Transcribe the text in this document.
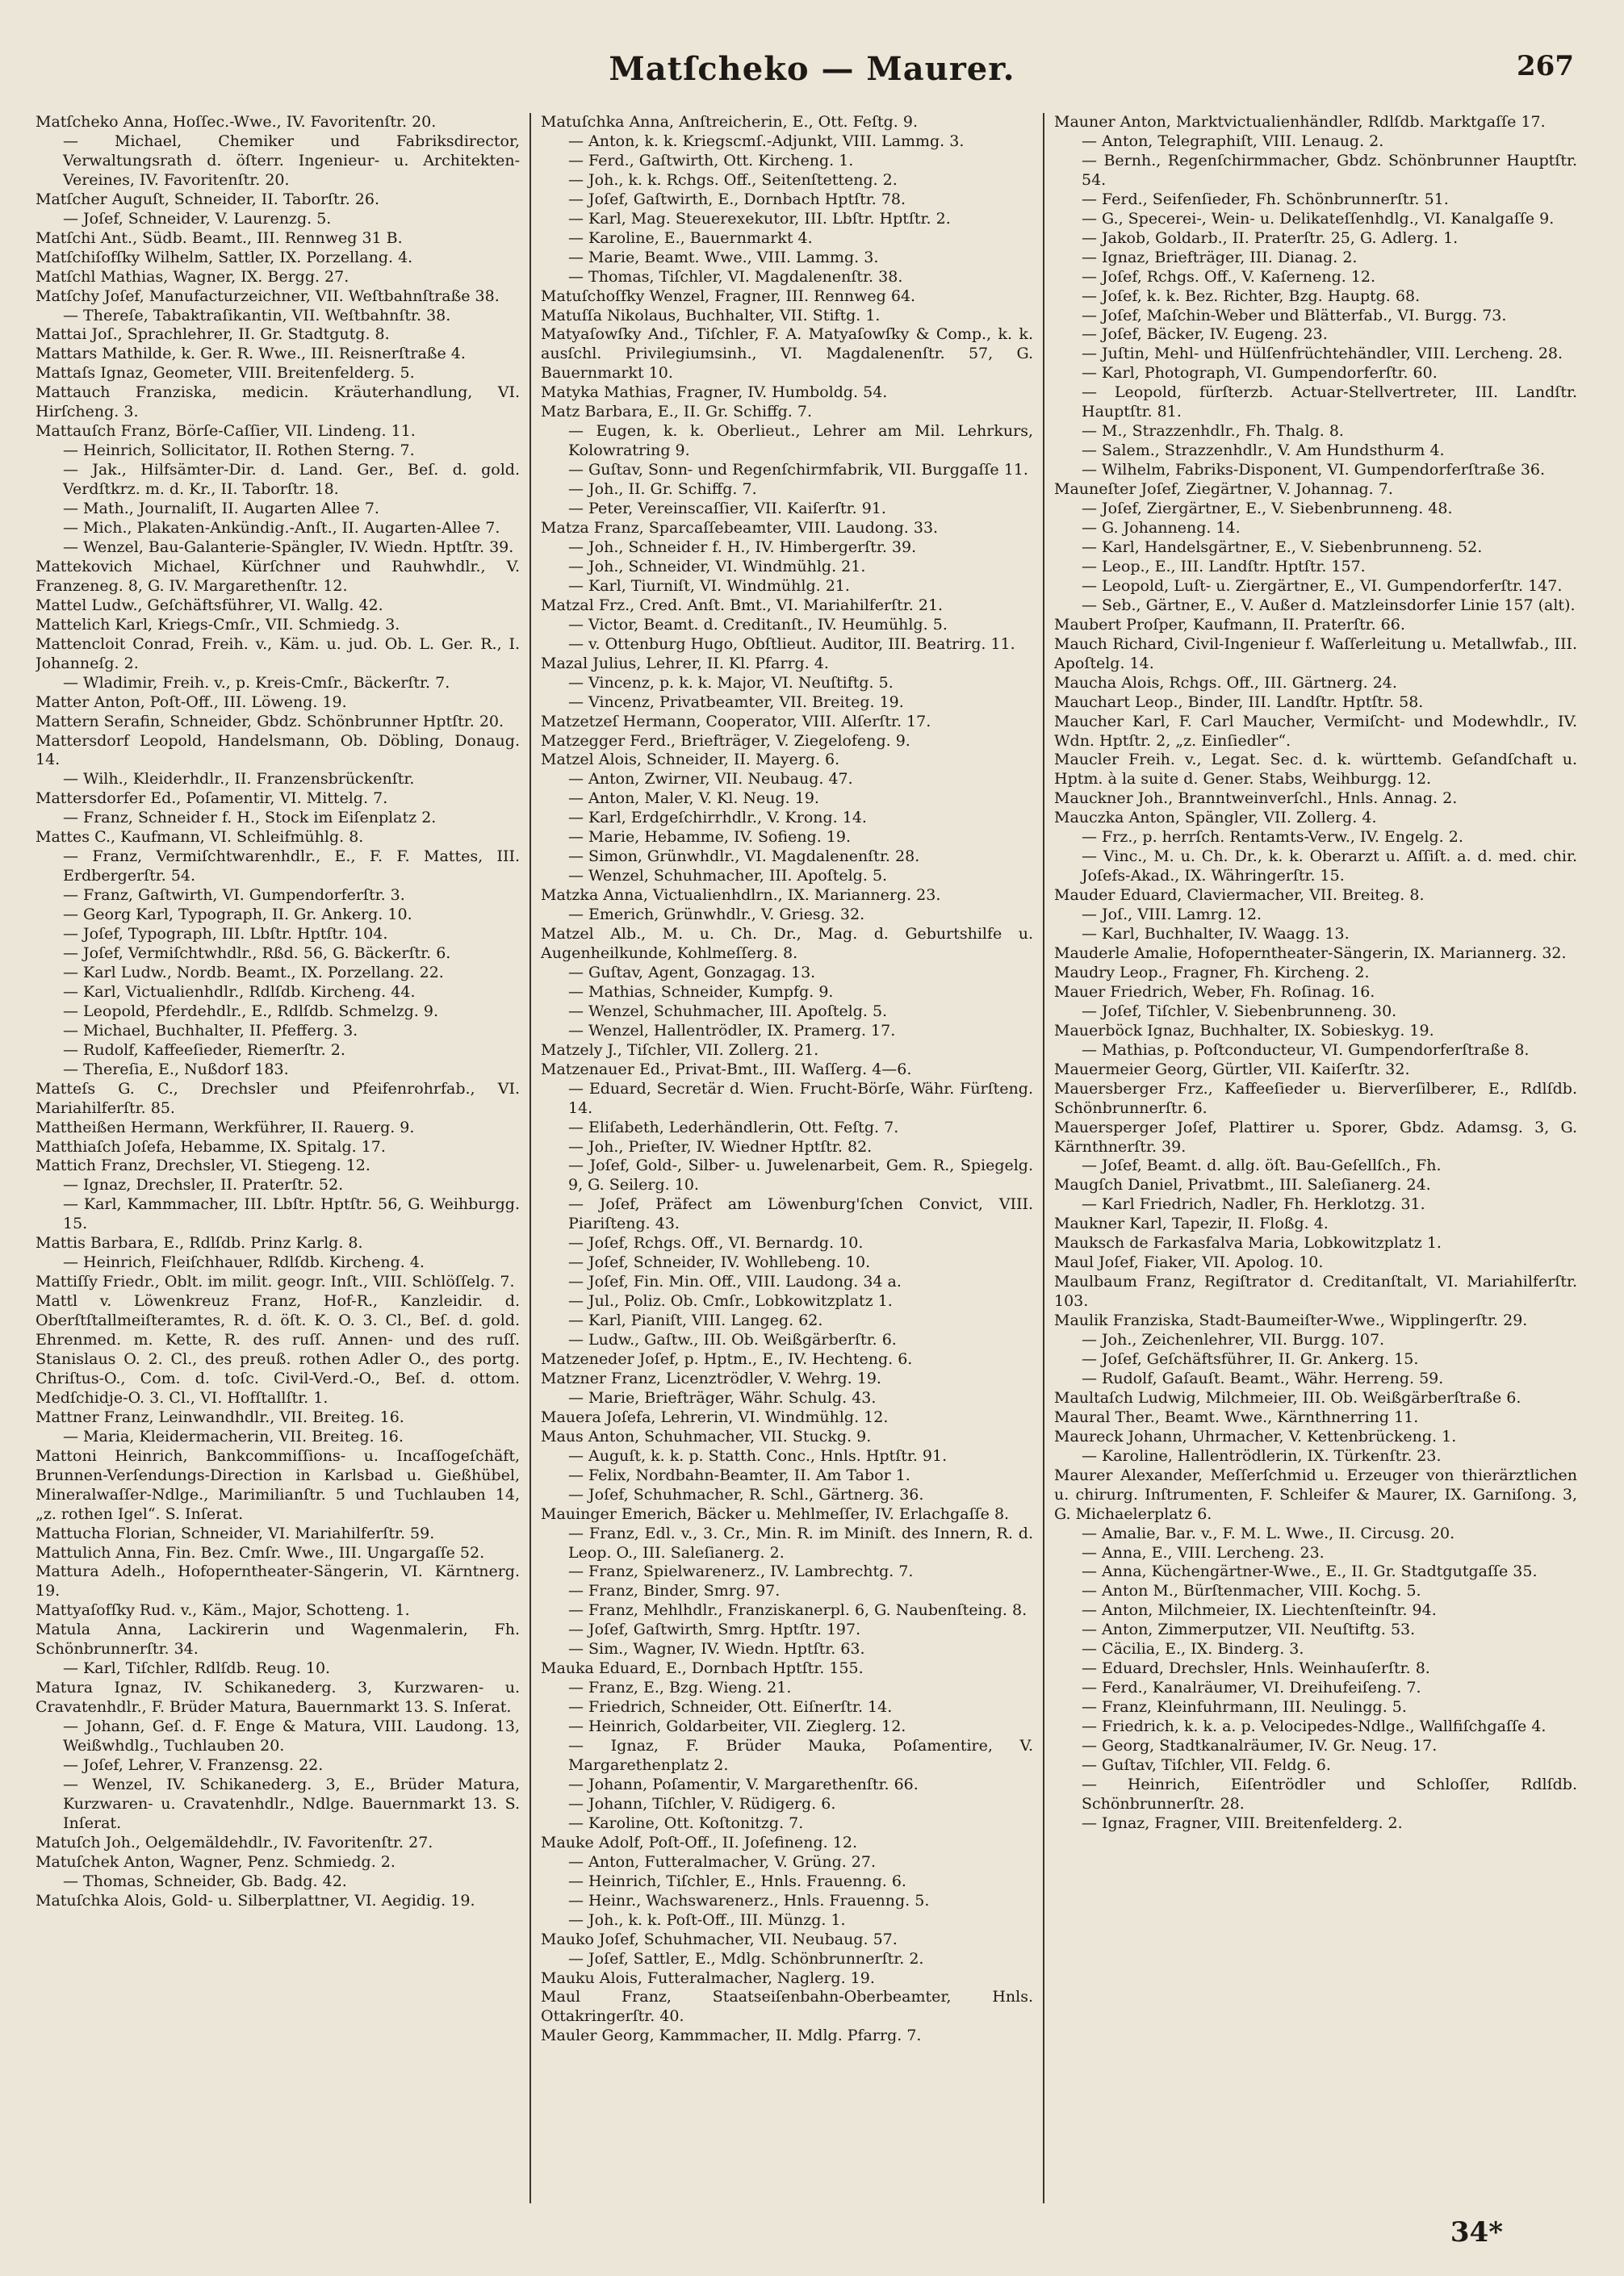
Matſcheko — Maurer.	267

Matſcheko Anna, Hoſſec.-Wwe., IV. Favoritenſtr. 20.

— Michael, Chemiker und Fabriksdirector, Verwaltungsrath d. öſterr. Ingenieur- u. Architekten-Vereines, IV. Favoritenſtr. 20.

Matſcher Auguſt, Schneider, II. Taborſtr. 26.

— Joſef, Schneider, V. Laurenzg. 5.

Matſchi Ant., Südb. Beamt., III. Rennweg 31 B.

Matſchiſofſky Wilhelm, Sattler, IX. Porzellang. 4.

Matſchl Mathias, Wagner, IX. Bergg. 27.

Matſchy Joſef, Manufacturzeichner, VII. Weſtbahnſtraße 38.

— Thereſe, Tabaktraſikantin, VII. Weſtbahnſtr. 38.

Mattai Joſ., Sprachlehrer, II. Gr. Stadtgutg. 8.

Mattars Mathilde, k. Ger. R. Wwe., III. Reisnerſtraße 4.

Mattaſs Ignaz, Geometer, VIII. Breitenfelderg. 5.

Mattauch Franziska, medicin. Kräuterhandlung, VI. Hirſcheng. 3.

Mattauſch Franz, Börſe-Caſſier, VII. Lindeng. 11.

— Heinrich, Sollicitator, II. Rothen Sterng. 7.

— Jak., Hilfsämter-Dir. d. Land. Ger., Beſ. d. gold. Verdſtkrz. m. d. Kr., II. Taborſtr. 18.

— Math., Journaliſt, II. Augarten Allee 7.

— Mich., Plakaten-Ankündig.-Anſt., II. Augarten-Allee 7.

— Wenzel, Bau-Galanterie-Spängler, IV. Wiedn. Hptſtr. 39.

Mattekovich Michael, Kürſchner und Rauhwhdlr., V. Franzeneg. 8, G. IV. Margarethenſtr. 12.

Mattel Ludw., Geſchäftsführer, VI. Wallg. 42.

Mattelich Karl, Kriegs-Cmſr., VII. Schmiedg. 3.

Mattencloit Conrad, Freih. v., Käm. u. jud. Ob. L. Ger. R., I. Johanneſg. 2.

— Wladimir, Freih. v., p. Kreis-Cmſr., Bäckerſtr. 7.

Matter Anton, Poſt-Off., III. Löweng. 19.

Mattern Serafin, Schneider, Gbdz. Schönbrunner Hptſtr. 20.

Mattersdorf Leopold, Handelsmann, Ob. Döbling, Donaug. 14.

— Wilh., Kleiderhdlr., II. Franzensbrückenſtr.

Mattersdorfer Ed., Poſamentir, VI. Mittelg. 7.

— Franz, Schneider f. H., Stock im Eiſenplatz 2.

Mattes C., Kaufmann, VI. Schleifmühlg. 8.

— Franz, Vermiſchtwarenhdlr., E., F. F. Mattes, III. Erdbergerſtr. 54.

— Franz, Gaſtwirth, VI. Gumpendorferſtr. 3.

— Georg Karl, Typograph, II. Gr. Ankerg. 10.

— Joſef, Typograph, III. Lbſtr. Hptſtr. 104.

— Joſef, Vermiſchtwhdlr., Rßd. 56, G. Bäckerſtr. 6.

— Karl Ludw., Nordb. Beamt., IX. Porzellang. 22.

— Karl, Victualienhdlr., Rdlſdb. Kircheng. 44.

— Leopold, Pferdehdlr., E., Rdlſdb. Schmelzg. 9.

— Michael, Buchhalter, II. Pfefferg. 3.

— Rudolf, Kaffeeſieder, Riemerſtr. 2.

— Thereſia, E., Nußdorf 183.

Matteſs G. C., Drechsler und Pfeifenrohrfab., VI. Mariahilferſtr. 85.

Mattheißen Hermann, Werkführer, II. Rauerg. 9.

Matthiaſch Joſefa, Hebamme, IX. Spitalg. 17.

Mattich Franz, Drechsler, VI. Stiegeng. 12.

— Ignaz, Drechsler, II. Praterſtr. 52.

— Karl, Kammmacher, III. Lbſtr. Hptſtr. 56, G. Weihburgg. 15.

Mattis Barbara, E., Rdlſdb. Prinz Karlg. 8.

— Heinrich, Fleiſchhauer, Rdlſdb. Kircheng. 4.

Mattiſſy Friedr., Oblt. im milit. geogr. Inſt., VIII. Schlöſſelg. 7.

Mattl v. Löwenkreuz Franz, Hof-R., Kanzleidir. d. Oberſtſtallmeiſteramtes, R. d. öſt. K. O. 3. Cl., Beſ. d. gold. Ehrenmed. m. Kette, R. des ruſſ. Annen- und des ruſſ. Stanislaus O. 2. Cl., des preuß. rothen Adler O., des portg. Chriſtus-O., Com. d. toſc. Civil-Verd.-O., Beſ. d. ottom. Medſchidje-O. 3. Cl., VI. Hofſtallſtr. 1.

Mattner Franz, Leinwandhdlr., VII. Breiteg. 16.

— Maria, Kleidermacherin, VII. Breiteg. 16.

Mattoni Heinrich, Bankcommiſſions- u. Incaſſogeſchäft, Brunnen-Verſendungs-Direction in Karlsbad u. Gießhübel, Mineralwaſſer-Ndlge., Marimilianſtr. 5 und Tuchlauben 14, „z. rothen Igel“. S. Inſerat.

Mattucha Florian, Schneider, VI. Mariahilferſtr. 59.

Mattulich Anna, Fin. Bez. Cmſr. Wwe., III. Ungargaſſe 52.

Mattura Adelh., Hofoperntheater-Sängerin, VI. Kärntnerg. 19.

Mattyaſofſky Rud. v., Käm., Major, Schotteng. 1.

Matula Anna, Lackirerin und Wagenmalerin, Fh. Schönbrunnerſtr. 34.

— Karl, Tiſchler, Rdlſdb. Reug. 10.

Matura Ignaz, IV. Schikanederg. 3, Kurzwaren- u. Cravatenhdlr., F. Brüder Matura, Bauernmarkt 13. S. Inſerat.

— Johann, Geſ. d. F. Enge & Matura, VIII. Laudong. 13, Weißwhdlg., Tuchlauben 20.

— Joſef, Lehrer, V. Franzensg. 22.

— Wenzel, IV. Schikanederg. 3, E., Brüder Matura, Kurzwaren- u. Cravatenhdlr., Ndlge. Bauernmarkt 13. S. Inſerat.

Matuſch Joh., Oelgemäldehdlr., IV. Favoritenſtr. 27.

Matuſchek Anton, Wagner, Penz. Schmiedg. 2.

— Thomas, Schneider, Gb. Badg. 42.

Matuſchka Alois, Gold- u. Silberplattner, VI. Aegidig. 19.

Matuſchka Anna, Anſtreicherin, E., Ott. Feſtg. 9.

— Anton, k. k. Kriegscmſ.-Adjunkt, VIII. Lammg. 3.

— Ferd., Gaſtwirth, Ott. Kircheng. 1.

— Joh., k. k. Rchgs. Off., Seitenſtetteng. 2.

— Joſef, Gaſtwirth, E., Dornbach Hptſtr. 78.

— Karl, Mag. Steuerexekutor, III. Lbſtr. Hptſtr. 2.

— Karoline, E., Bauernmarkt 4.

— Marie, Beamt. Wwe., VIII. Lammg. 3.

— Thomas, Tiſchler, VI. Magdalenenſtr. 38.

Matuſchoſfky Wenzel, Fragner, III. Rennweg 64.

Matuſſa Nikolaus, Buchhalter, VII. Stiftg. 1.

Matyaſowſky And., Tiſchler, F. A. Matyaſowſky & Comp., k. k. ausſchl. Privilegiumsinh., VI. Magdalenenſtr. 57, G. Bauernmarkt 10.

Matyka Mathias, Fragner, IV. Humboldg. 54.

Matz Barbara, E., II. Gr. Schiffg. 7.

— Eugen, k. k. Oberlieut., Lehrer am Mil. Lehrkurs, Kolowratring 9.

— Guſtav, Sonn- und Regenſchirmfabrik, VII. Burggaſſe 11.

— Joh., II. Gr. Schiffg. 7.

— Peter, Vereinscaſſier, VII. Kaiſerſtr. 91.

Matza Franz, Sparcaſſebeamter, VIII. Laudong. 33.

— Joh., Schneider f. H., IV. Himbergerſtr. 39.

— Joh., Schneider, VI. Windmühlg. 21.

— Karl, Tiurniſt, VI. Windmühlg. 21.

Matzal Frz., Cred. Anſt. Bmt., VI. Mariahilferſtr. 21.

— Victor, Beamt. d. Creditanſt., IV. Heumühlg. 5.

— v. Ottenburg Hugo, Obſtlieut. Auditor, III. Beatrirg. 11.

Mazal Julius, Lehrer, II. Kl. Pfarrg. 4.

— Vincenz, p. k. k. Major, VI. Neuſtiftg. 5.

— Vincenz, Privatbeamter, VII. Breiteg. 19.

Matzetzeſ Hermann, Cooperator, VIII. Alſerſtr. 17.

Matzegger Ferd., Briefträger, V. Ziegelofeng. 9.

Matzel Alois, Schneider, II. Mayerg. 6.

— Anton, Zwirner, VII. Neubaug. 47.

— Anton, Maler, V. Kl. Neug. 19.

— Karl, Erdgeſchirrhdlr., V. Krong. 14.

— Marie, Hebamme, IV. Sofieng. 19.

— Simon, Grünwhdlr., VI. Magdalenenſtr. 28.

— Wenzel, Schuhmacher, III. Apoſtelg. 5.

Matzka Anna, Victualienhdlrn., IX. Mariannerg. 23.

— Emerich, Grünwhdlr., V. Griesg. 32.

Matzel Alb., M. u. Ch. Dr., Mag. d. Geburtshilfe u. Augenheilkunde, Kohlmeſſerg. 8.

— Guſtav, Agent, Gonzagag. 13.

— Mathias, Schneider, Kumpfg. 9.

— Wenzel, Schuhmacher, III. Apoſtelg. 5.

— Wenzel, Hallentrödler, IX. Pramerg. 17.

Matzely J., Tiſchler, VII. Zollerg. 21.

Matzenauer Ed., Privat-Bmt., III. Waſſerg. 4—6.

— Eduard, Secretär d. Wien. Frucht-Börſe, Währ. Fürſteng. 14.

— Eliſabeth, Lederhändlerin, Ott. Feſtg. 7.

— Joh., Prieſter, IV. Wiedner Hptſtr. 82.

— Joſef, Gold-, Silber- u. Juwelenarbeit, Gem. R., Spiegelg. 9, G. Seilerg. 10.

— Joſef, Präfect am Löwenburg'ſchen Convict, VIII. Piariſteng. 43.

— Joſef, Rchgs. Off., VI. Bernardg. 10.

— Joſef, Schneider, IV. Wohllebeng. 10.

— Joſef, Fin. Min. Off., VIII. Laudong. 34 a.

— Jul., Poliz. Ob. Cmſr., Lobkowitzplatz 1.

— Karl, Pianiſt, VIII. Langeg. 62.

— Ludw., Gaſtw., III. Ob. Weißgärberſtr. 6.

Matzeneder Joſef, p. Hptm., E., IV. Hechteng. 6.

Matzner Franz, Licenztrödler, V. Wehrg. 19.

— Marie, Briefträger, Währ. Schulg. 43.

Mauera Joſefa, Lehrerin, VI. Windmühlg. 12.

Maus Anton, Schuhmacher, VII. Stuckg. 9.

— Auguſt, k. k. p. Statth. Conc., Hnls. Hptſtr. 91.

— Felix, Nordbahn-Beamter, II. Am Tabor 1.

— Joſef, Schuhmacher, R. Schl., Gärtnerg. 36.

Mauinger Emerich, Bäcker u. Mehlmeſſer, IV. Erlachgaſſe 8.

— Franz, Edl. v., 3. Cr., Min. R. im Miniſt. des Innern, R. d. Leop. O., III. Saleſianerg. 2.

— Franz, Spielwarenerz., IV. Lambrechtg. 7.

— Franz, Binder, Smrg. 97.

— Franz, Mehlhdlr., Franziskanerpl. 6, G. Naubenſteing. 8.

— Joſef, Gaſtwirth, Smrg. Hptſtr. 197.

— Sim., Wagner, IV. Wiedn. Hptſtr. 63.

Mauka Eduard, E., Dornbach Hptſtr. 155.

— Franz, E., Bzg. Wieng. 21.

— Friedrich, Schneider, Ott. Eiſnerſtr. 14.

— Heinrich, Goldarbeiter, VII. Zieglerg. 12.

— Ignaz, F. Brüder Mauka, Poſamentire, V. Margarethenplatz 2.

— Johann, Poſamentir, V. Margarethenſtr. 66.

— Johann, Tiſchler, V. Rüdigerg. 6.

— Karoline, Ott. Koſtonitzg. 7.

Mauke Adolf, Poſt-Off., II. Joſefineng. 12.

— Anton, Futteralmacher, V. Grüng. 27.

— Heinrich, Tiſchler, E., Hnls. Frauenng. 6.

— Heinr., Wachswarenerz., Hnls. Frauenng. 5.

— Joh., k. k. Poſt-Off., III. Münzg. 1.

Mauko Joſef, Schuhmacher, VII. Neubaug. 57.

— Joſef, Sattler, E., Mdlg. Schönbrunnerſtr. 2.

Mauku Alois, Futteralmacher, Naglerg. 19.

Maul Franz, Staatseiſenbahn-Oberbeamter, Hnls. Ottakringerſtr. 40.

Mauler Georg, Kammmacher, II. Mdlg. Pfarrg. 7.

Mauner Anton, Marktvictualienhändler, Rdlſdb. Marktgaſſe 17.

— Anton, Telegraphiſt, VIII. Lenaug. 2.

— Bernh., Regenſchirmmacher, Gbdz. Schönbrunner Hauptſtr. 54.

— Ferd., Seifenſieder, Fh. Schönbrunnerſtr. 51.

— G., Specerei-, Wein- u. Delikateſſenhdlg., VI. Kanalgaſſe 9.

— Jakob, Goldarb., II. Praterſtr. 25, G. Adlerg. 1.

— Ignaz, Briefträger, III. Dianag. 2.

— Joſef, Rchgs. Off., V. Kaſerneng. 12.

— Joſef, k. k. Bez. Richter, Bzg. Hauptg. 68.

— Joſef, Maſchin-Weber und Blätterfab., VI. Burgg. 73.

— Joſef, Bäcker, IV. Eugeng. 23.

— Juſtin, Mehl- und Hülſenfrüchtehändler, VIII. Lercheng. 28.

— Karl, Photograph, VI. Gumpendorferſtr. 60.

— Leopold, fürſterzb. Actuar-Stellvertreter, III. Landſtr. Hauptſtr. 81.

— M., Strazzenhdlr., Fh. Thalg. 8.

— Salem., Strazzenhdlr., V. Am Hundsthurm 4.

— Wilhelm, Fabriks-Disponent, VI. Gumpendorferſtraße 36.

Mauneſter Joſef, Ziegärtner, V. Johannag. 7.

— Joſef, Ziergärtner, E., V. Siebenbrunneng. 48.

— G. Johanneng. 14.

— Karl, Handelsgärtner, E., V. Siebenbrunneng. 52.

— Leop., E., III. Landſtr. Hptſtr. 157.

— Leopold, Luſt- u. Ziergärtner, E., VI. Gumpendorferſtr. 147.

— Seb., Gärtner, E., V. Außer d. Matzleinsdorfer Linie 157 (alt).

Maubert Proſper, Kaufmann, II. Praterſtr. 66.

Mauch Richard, Civil-Ingenieur f. Waſſerleitung u. Metallwfab., III. Apoſtelg. 14.

Maucha Alois, Rchgs. Off., III. Gärtnerg. 24.

Mauchart Leop., Binder, III. Landſtr. Hptſtr. 58.

Maucher Karl, F. Carl Maucher, Vermiſcht- und Modewhdlr., IV. Wdn. Hptſtr. 2, „z. Einſiedler“.

Maucler Freih. v., Legat. Sec. d. k. württemb. Geſandſchaft u. Hptm. à la suite d. Gener. Stabs, Weihburgg. 12.

Mauckner Joh., Branntweinverſchl., Hnls. Annag. 2.

Mauczka Anton, Spängler, VII. Zollerg. 4.

— Frz., p. herrſch. Rentamts-Verw., IV. Engelg. 2.

— Vinc., M. u. Ch. Dr., k. k. Oberarzt u. Aſſiſt. a. d. med. chir. Joſefs-Akad., IX. Währingerſtr. 15.

Mauder Eduard, Claviermacher, VII. Breiteg. 8.

— Joſ., VIII. Lamrg. 12.

— Karl, Buchhalter, IV. Waagg. 13.

Mauderle Amalie, Hofoperntheater-Sängerin, IX. Mariannerg. 32.

Maudry Leop., Fragner, Fh. Kircheng. 2.

Mauer Friedrich, Weber, Fh. Roſinag. 16.

— Joſef, Tiſchler, V. Siebenbrunneng. 30.

Mauerböck Ignaz, Buchhalter, IX. Sobieskyg. 19.

— Mathias, p. Poſtconducteur, VI. Gumpendorferſtraße 8.

Mauermeier Georg, Gürtler, VII. Kaiſerſtr. 32.

Mauersberger Frz., Kaffeeſieder u. Bierverſilberer, E., Rdlſdb. Schönbrunnerſtr. 6.

Mauersperger Joſef, Plattirer u. Sporer, Gbdz. Adamsg. 3, G. Kärnthnerſtr. 39.

— Joſef, Beamt. d. allg. öſt. Bau-Geſellſch., Fh.

Maugſch Daniel, Privatbmt., III. Saleſianerg. 24.

— Karl Friedrich, Nadler, Fh. Herklotzg. 31.

Maukner Karl, Tapezir, II. Floßg. 4.

Mauksch de Farkasfalva Maria, Lobkowitzplatz 1.

Maul Joſef, Fiaker, VII. Apolog. 10.

Maulbaum Franz, Regiſtrator d. Creditanſtalt, VI. Mariahilferſtr. 103.

Maulik Franziska, Stadt-Baumeiſter-Wwe., Wipplingerſtr. 29.

— Joh., Zeichenlehrer, VII. Burgg. 107.

— Joſef, Geſchäftsführer, II. Gr. Ankerg. 15.

— Rudolf, Gaſauſt. Beamt., Währ. Herreng. 59.

Maultaſch Ludwig, Milchmeier, III. Ob. Weißgärberſtraße 6.

Maural Ther., Beamt. Wwe., Kärnthnerring 11.

Maureck Johann, Uhrmacher, V. Kettenbrückeng. 1.

— Karoline, Hallentrödlerin, IX. Türkenſtr. 23.

Maurer Alexander, Meſſerſchmid u. Erzeuger von thierärztlichen u. chirurg. Inſtrumenten, F. Schleifer & Maurer, IX. Garniſong. 3, G. Michaelerplatz 6.

— Amalie, Bar. v., F. M. L. Wwe., II. Circusg. 20.

— Anna, E., VIII. Lercheng. 23.

— Anna, Küchengärtner-Wwe., E., II. Gr. Stadtgutgaſſe 35.

— Anton M., Bürſtenmacher, VIII. Kochg. 5.

— Anton, Milchmeier, IX. Liechtenſteinſtr. 94.

— Anton, Zimmerputzer, VII. Neuſtiftg. 53.

— Cäcilia, E., IX. Binderg. 3.

— Eduard, Drechsler, Hnls. Weinhauſerſtr. 8.

— Ferd., Kanalräumer, VI. Dreihufeiſeng. 7.

— Franz, Kleinfuhrmann, III. Neulingg. 5.

— Friedrich, k. k. a. p. Velocipedes-Ndlge., Wallfiſchgaſſe 4.

— Georg, Stadtkanalräumer, IV. Gr. Neug. 17.

— Guſtav, Tiſchler, VII. Feldg. 6.

— Heinrich, Eiſentrödler und Schloſſer, Rdlſdb. Schönbrunnerſtr. 28.

— Ignaz, Fragner, VIII. Breitenfelderg. 2.

34*
